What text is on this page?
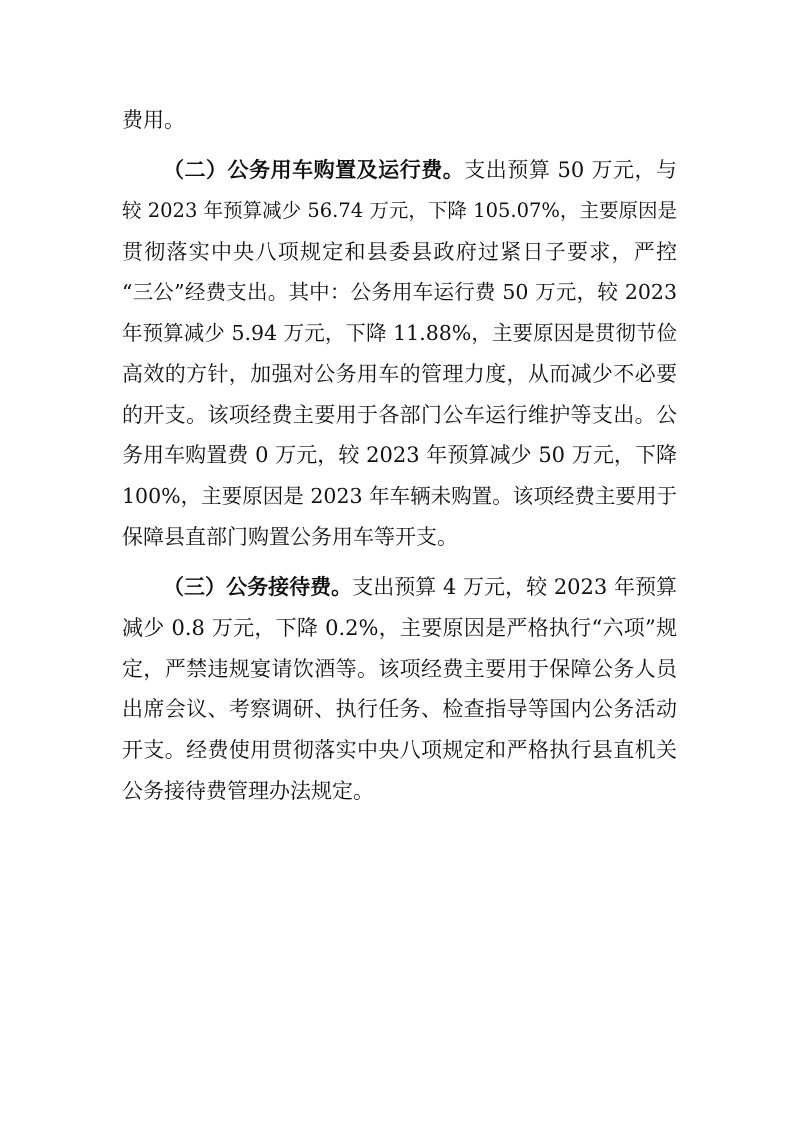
费用。
（二）公务用车购置及运行费。支出预算 50 万元，与
较 2023 年预算减少 56.74 万元，下降 105.07%，主要原因是
贯彻落实中央八项规定和县委县政府过紧日子要求，严控
“三公”经费支出。其中：公务用车运行费 50 万元，较 2023
年预算减少 5.94 万元，下降 11.88%，主要原因是贯彻节俭
高效的方针，加强对公务用车的管理力度，从而减少不必要
的开支。该项经费主要用于各部门公车运行维护等支出。公
务用车购置费 0 万元，较 2023 年预算减少 50 万元，下降
100%，主要原因是 2023 年车辆未购置。该项经费主要用于
保障县直部门购置公务用车等开支。
（三）公务接待费。支出预算 4 万元，较 2023 年预算
减少 0.8 万元，下降 0.2%，主要原因是严格执行“六项”规
定，严禁违规宴请饮酒等。该项经费主要用于保障公务人员
出席会议、考察调研、执行任务、检查指导等国内公务活动
开支。经费使用贯彻落实中央八项规定和严格执行县直机关
公务接待费管理办法规定。
